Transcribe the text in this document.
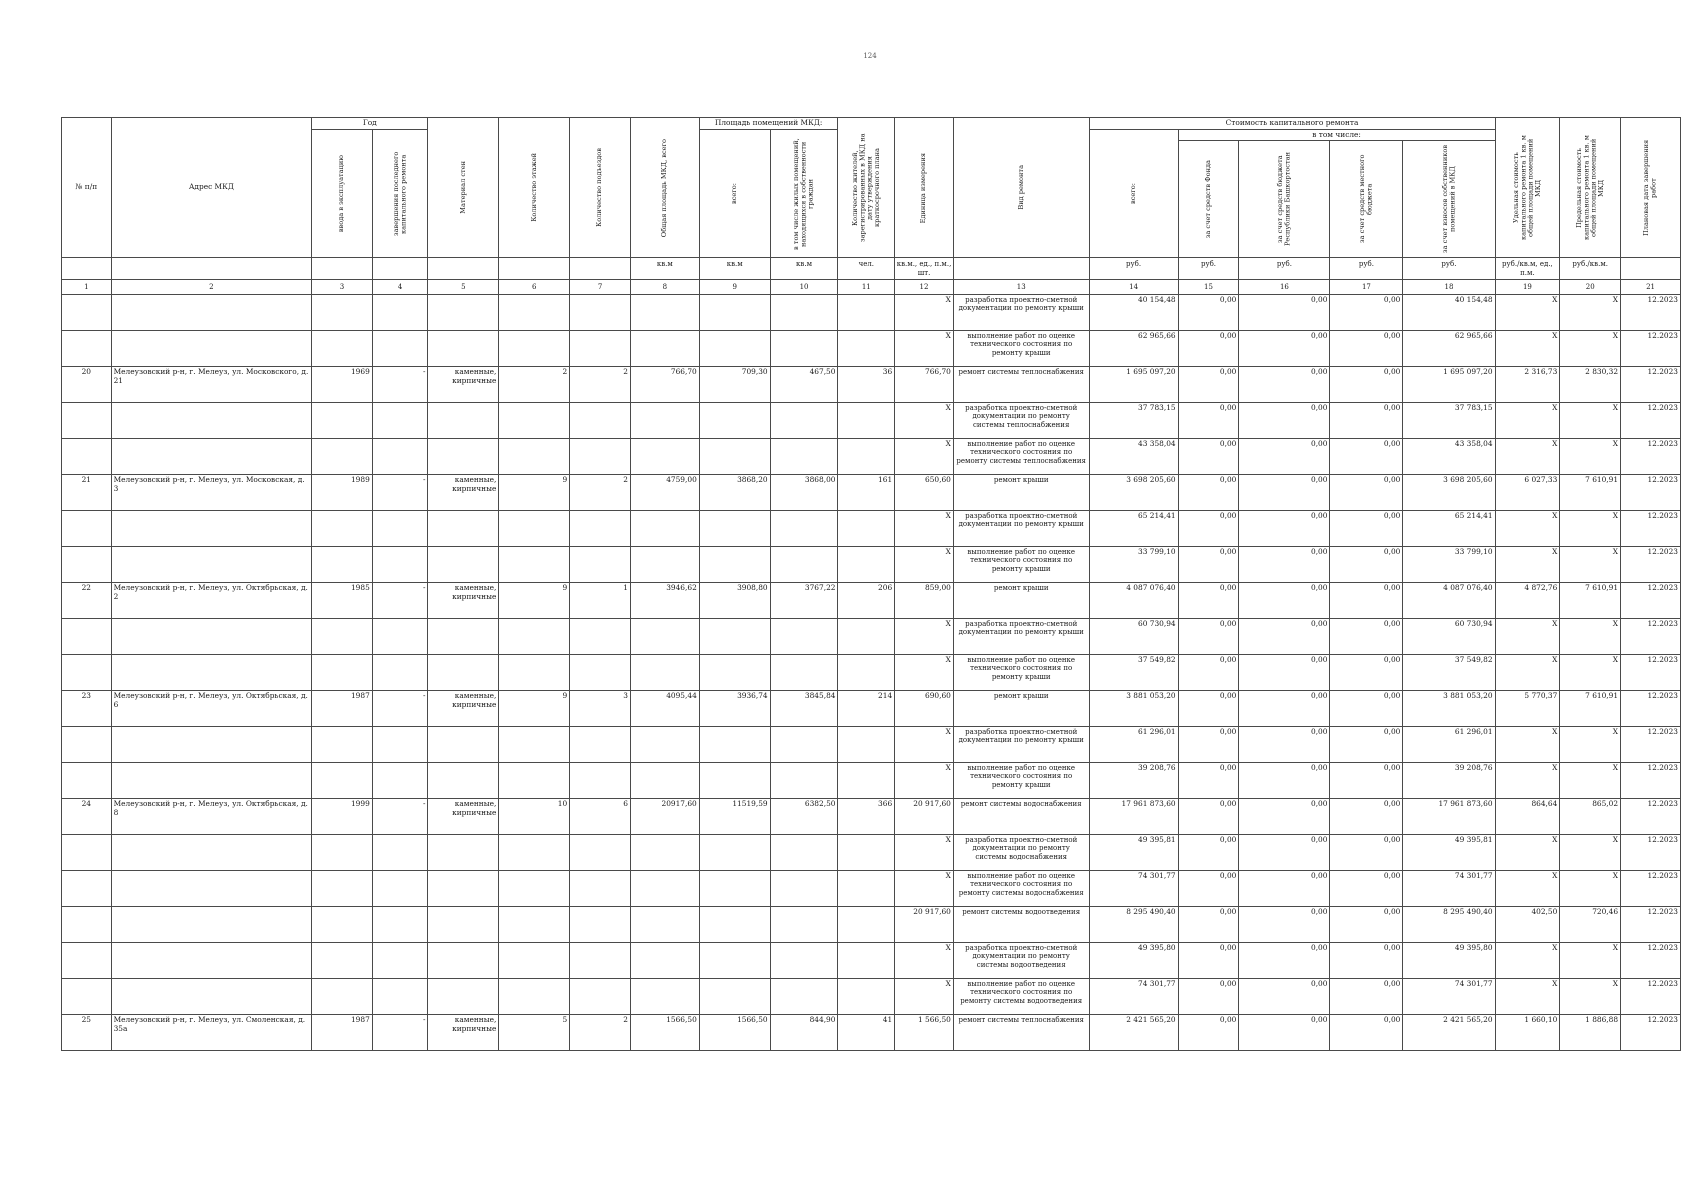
124
№ п/п	Адрес МКД	Год		Материал стен	Количество этажей	Количество подъездов	Общая площадь МКД, всего	Площадь помещений МКД:		Количество жителей, зарегистрированных в МКД на дату утверждения краткосрочного плана	Единица измерения	Вид ремонта	Стоимость капитального ремонта					Удельная стоимость капитального ремонта 1 кв. м общей площади помещений МКД	Предельная стоимость капитального ремонта 1 кв. м общей площади помещений МКД	Плановая дата завершения работ

		ввода в эксплуатацию	завершения последнего капитального ремонта					всего:	в том числе жилых помещений, находящихся в собственности граждан				всего:	в том числе:						

														за счет средств Фонда	за счет средств бюджета Республики Башкортостан	за счет средств местного бюджета	за счет взносов собственников помещений в МКД			

							кв.м	кв.м	кв.м	чел.	кв.м., ед., п.м., шт.		руб.	руб.	руб.	руб.	руб.	руб./кв.м, ед., п.м.	руб./кв.м.	
1	2	3	4	5	6	7	8	9	10	11	12	13	14	15	16	17	18	19	20	21
											X	разработка проектно-сметной документации по ремонту крыши	40 154,48	0,00	0,00	0,00	40 154,48	X	X	12.2023
											X	выполнение работ по оценке технического состояния по ремонту крыши	62 965,66	0,00	0,00	0,00	62 965,66	X	X	12.2023
20	Мелеузовский р-н, г. Мелеуз, ул. Московского, д. 21	1969	-	каменные, кирпичные	2	2	766,70	709,30	467,50	36	766,70	ремонт системы теплоснабжения	1 695 097,20	0,00	0,00	0,00	1 695 097,20	2 316,73	2 830,32	12.2023
											X	разработка проектно-сметной документации по ремонту системы теплоснабжения	37 783,15	0,00	0,00	0,00	37 783,15	X	X	12.2023
											X	выполнение работ по оценке технического состояния по ремонту системы теплоснабжения	43 358,04	0,00	0,00	0,00	43 358,04	X	X	12.2023
21	Мелеузовский р-н, г. Мелеуз, ул. Московская, д. 3	1989	-	каменные, кирпичные	9	2	4759,00	3868,20	3868,00	161	650,60	ремонт крыши	3 698 205,60	0,00	0,00	0,00	3 698 205,60	6 027,33	7 610,91	12.2023
											X	разработка проектно-сметной документации по ремонту крыши	65 214,41	0,00	0,00	0,00	65 214,41	X	X	12.2023
											X	выполнение работ по оценке технического состояния по ремонту крыши	33 799,10	0,00	0,00	0,00	33 799,10	X	X	12.2023
22	Мелеузовский р-н, г. Мелеуз, ул. Октябрьская, д. 2	1985	-	каменные, кирпичные	9	1	3946,62	3908,80	3767,22	206	859,00	ремонт крыши	4 087 076,40	0,00	0,00	0,00	4 087 076,40	4 872,76	7 610,91	12.2023
											X	разработка проектно-сметной документации по ремонту крыши	60 730,94	0,00	0,00	0,00	60 730,94	X	X	12.2023
											X	выполнение работ по оценке технического состояния по ремонту крыши	37 549,82	0,00	0,00	0,00	37 549,82	X	X	12.2023
23	Мелеузовский р-н, г. Мелеуз, ул. Октябрьская, д. 6	1987	-	каменные, кирпичные	9	3	4095,44	3936,74	3845,84	214	690,60	ремонт крыши	3 881 053,20	0,00	0,00	0,00	3 881 053,20	5 770,37	7 610,91	12.2023
											X	разработка проектно-сметной документации по ремонту крыши	61 296,01	0,00	0,00	0,00	61 296,01	X	X	12.2023
											X	выполнение работ по оценке технического состояния по ремонту крыши	39 208,76	0,00	0,00	0,00	39 208,76	X	X	12.2023
24	Мелеузовский р-н, г. Мелеуз, ул. Октябрьская, д. 8	1999	-	каменные, кирпичные	10	6	20917,60	11519,59	6382,50	366	20 917,60	ремонт системы водоснабжения	17 961 873,60	0,00	0,00	0,00	17 961 873,60	864,64	865,02	12.2023
											X	разработка проектно-сметной документации по ремонту системы водоснабжения	49 395,81	0,00	0,00	0,00	49 395,81	X	X	12.2023
											X	выполнение работ по оценке технического состояния по ремонту системы водоснабжения	74 301,77	0,00	0,00	0,00	74 301,77	X	X	12.2023
											20 917,60	ремонт системы водоотведения	8 295 490,40	0,00	0,00	0,00	8 295 490,40	402,50	720,46	12.2023
											X	разработка проектно-сметной документации по ремонту системы водоотведения	49 395,80	0,00	0,00	0,00	49 395,80	X	X	12.2023
											X	выполнение работ по оценке технического состояния по ремонту системы водоотведения	74 301,77	0,00	0,00	0,00	74 301,77	X	X	12.2023
25	Мелеузовский р-н, г. Мелеуз, ул. Смоленская, д. 35а	1987	-	каменные, кирпичные	5	2	1566,50	1566,50	844,90	41	1 566,50	ремонт системы теплоснабжения	2 421 565,20	0,00	0,00	0,00	2 421 565,20	1 660,10	1 886,88	12.2023
